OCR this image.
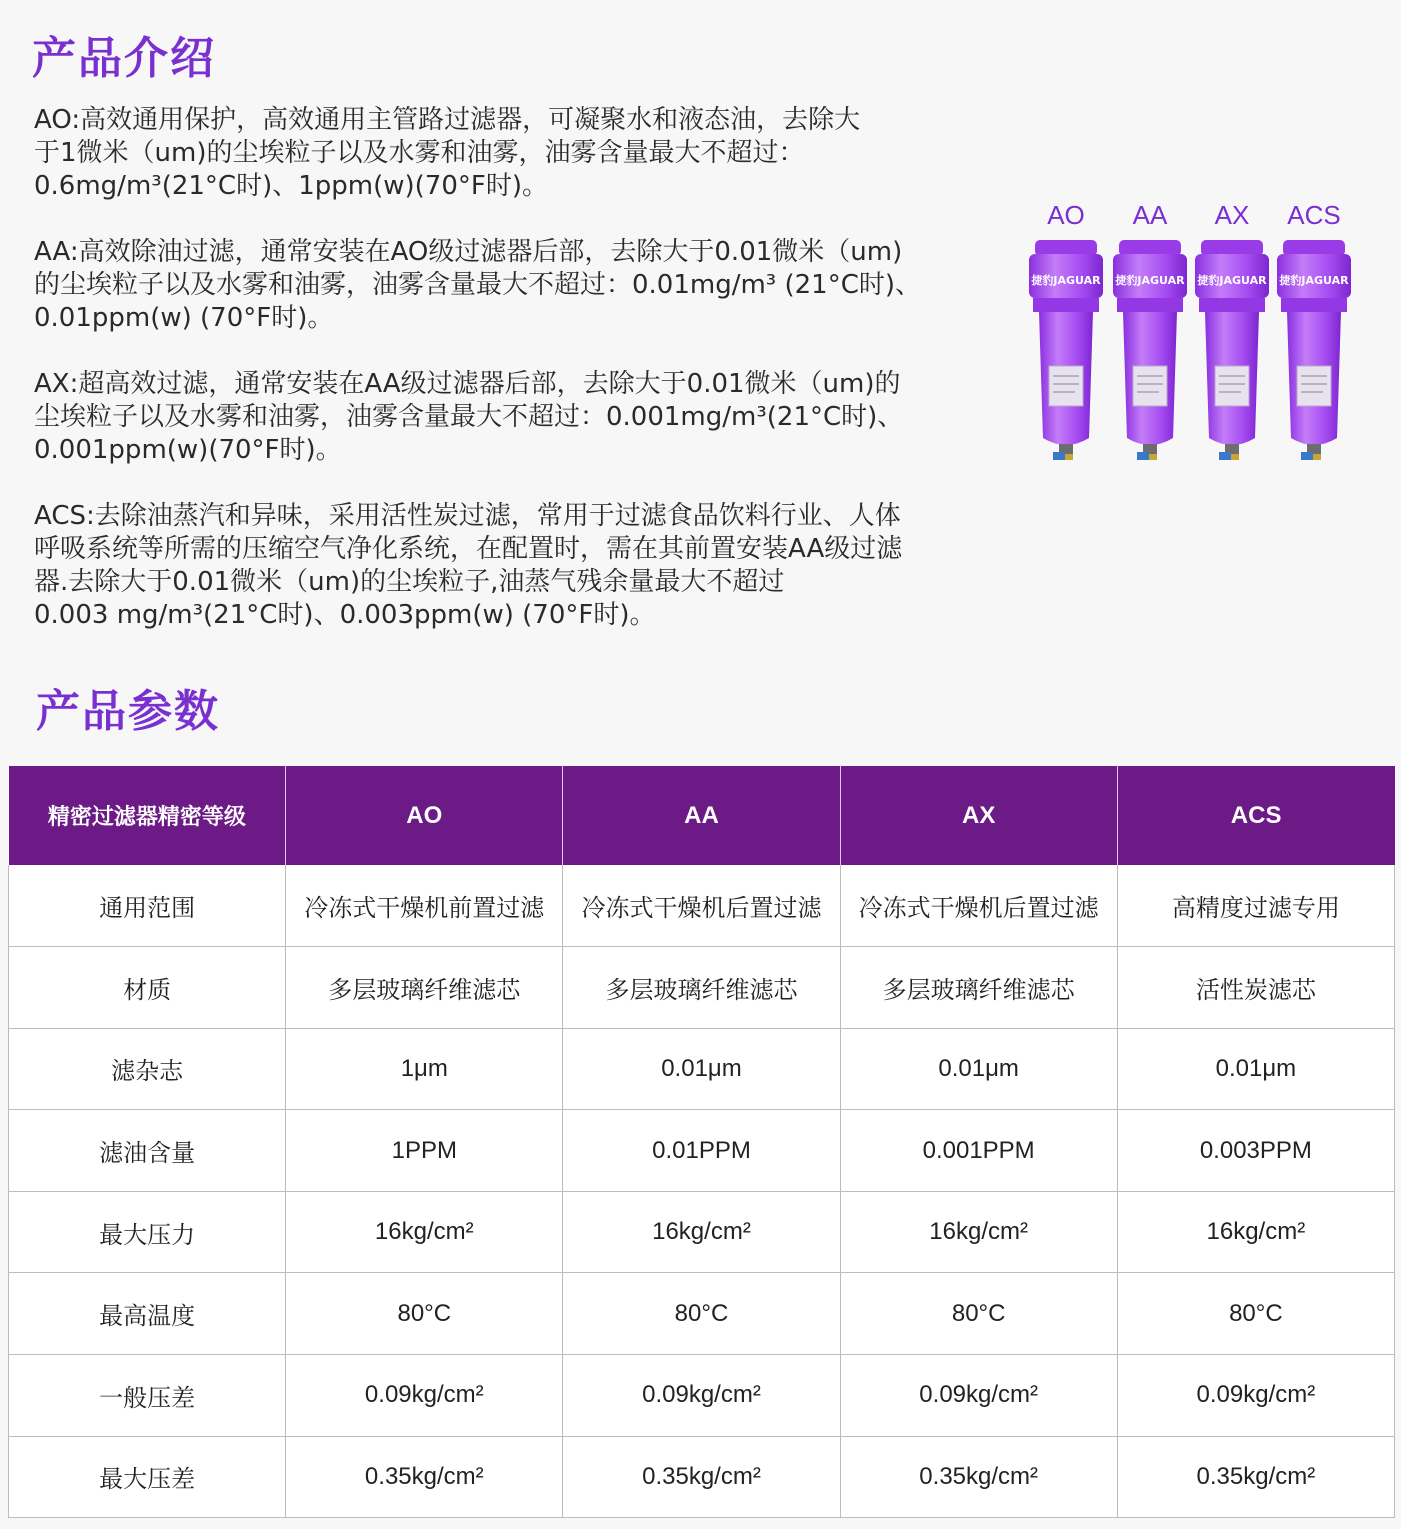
产品介绍

AO:高效通用保护，高效通用主管路过滤器，可凝聚水和液态油，去除大
于1微米（um)的尘埃粒子以及水雾和油雾，油雾含量最大不超过：
0.6mg/m³(21°C时)、1ppm(w)(70°F时)。

AA:高效除油过滤，通常安装在AO级过滤器后部，去除大于0.01微米（um)
的尘埃粒子以及水雾和油雾，油雾含量最大不超过：0.01mg/m³ (21°C时)、
0.01ppm(w) (70°F时)。

AX:超高效过滤，通常安装在AA级过滤器后部，去除大于0.01微米（um)的
尘埃粒子以及水雾和油雾，油雾含量最大不超过：0.001mg/m³(21°C时)、
0.001ppm(w)(70°F时)。

ACS:去除油蒸汽和异味，采用活性炭过滤，常用于过滤食品饮料行业、人体
呼吸系统等所需的压缩空气净化系统，在配置时，需在其前置安装AA级过滤
器.去除大于0.01微米（um)的尘埃粒子,油蒸气残余量最大不超过
0.003 mg/m³(21°C时)、0.003ppm(w) (70°F时)。

AO
捷豹JAGUAR
AA
捷豹JAGUAR
AX
捷豹JAGUAR
ACS
捷豹JAGUAR
产品参数
精密过滤器精密等级	AO	AA	AX	ACS
通用范围	冷冻式干燥机前置过滤	冷冻式干燥机后置过滤	冷冻式干燥机后置过滤	高精度过滤专用
材质	多层玻璃纤维滤芯	多层玻璃纤维滤芯	多层玻璃纤维滤芯	活性炭滤芯
滤杂志	1μm	0.01μm	0.01μm	0.01μm
滤油含量	1PPM	0.01PPM	0.001PPM	0.003PPM
最大压力	16kg/cm²	16kg/cm²	16kg/cm²	16kg/cm²
最高温度	80°C	80°C	80°C	80°C
一般压差	0.09kg/cm²	0.09kg/cm²	0.09kg/cm²	0.09kg/cm²
最大压差	0.35kg/cm²	0.35kg/cm²	0.35kg/cm²	0.35kg/cm²
